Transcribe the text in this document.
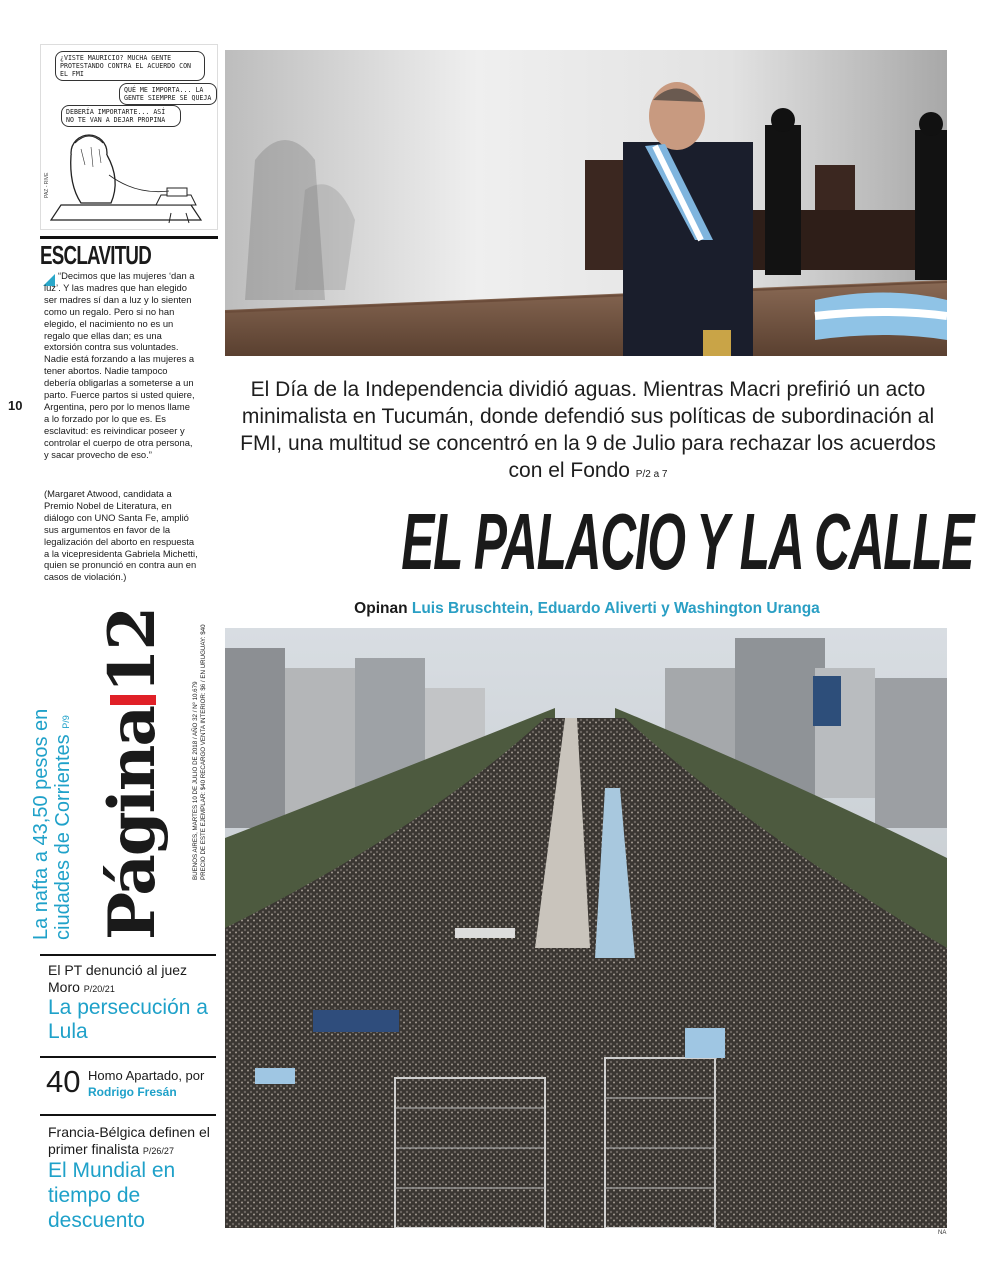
¿VISTE MAURICIO? MUCHA GENTE PROTESTANDO CONTRA EL ACUERDO CON EL FMI
QUÉ ME IMPORTA... LA GENTE SIEMPRE SE QUEJA
DEBERÍA IMPORTARTE... ASÍ NO TE VAN A DEJAR PROPINA
PAZ - RIVE
ESCLAVITUD
“Decimos que las mujeres ‘dan a luz’. Y las madres que han elegido ser madres sí dan a luz y lo sienten como un regalo. Pero si no han elegido, el nacimiento no es un regalo que ellas dan; es una extorsión contra sus voluntades. Nadie está forzando a las mujeres a tener abortos. Nadie tampoco debería obligarlas a someterse a un parto. Fuerce partos si usted quiere, Argentina, pero por lo menos llame a lo forzado por lo que es. Es esclavitud: es reivindicar poseer y controlar el cuerpo de otra persona, y sacar provecho de eso.”
(Margaret Atwood, candidata a Premio Nobel de Literatura, en diálogo con UNO Santa Fe, amplió sus argumentos en favor de la legalización del aborto en respuesta a la vicepresidenta Gabriela Michetti, quien se pronunció en contra aun en casos de violación.)
10
El Día de la Independencia dividió aguas. Mientras Macri prefirió un acto minimalista en Tucumán, donde defendió sus políticas de subordinación al FMI, una multitud se concentró en la 9 de Julio para rechazar los acuerdos con el Fondo P/2 a 7
EL PALACIO Y LA CALLE
Opinan Luis Bruschtein, Eduardo Aliverti y Washington Uranga
NA
La nafta a 43,50 pesos en ciudades de Corrientes P/9 Página12
BUENOS AIRES, MARTES 10 DE JULIO DE 2018 / AÑO 32 / Nº 10.679 PRECIO DE ESTE EJEMPLAR: $40 RECARGO VENTA INTERIOR: $6 / EN URUGUAY: $40
El PT denunció al juez Moro P/20/21
La persecución a Lula
40 Homo Apartado, por
Rodrigo Fresán
Francia-Bélgica definen el primer finalista P/26/27
El Mundial en tiempo de descuento
